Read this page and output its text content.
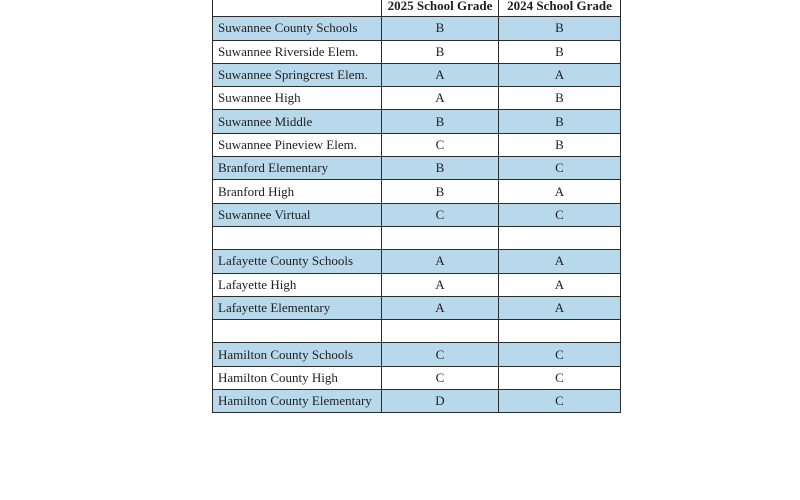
	2025 School Grade	2024 School Grade
Suwannee County Schools	B	B
Suwannee Riverside Elem.	B	B
Suwannee Springcrest Elem.	A	A
Suwannee High	A	B
Suwannee Middle	B	B
Suwannee Pineview Elem.	C	B
Branford Elementary	B	C
Branford High	B	A
Suwannee Virtual	C	C

Lafayette County Schools	A	A
Lafayette High	A	A
Lafayette Elementary	A	A

Hamilton County Schools	C	C
Hamilton County High	C	C
Hamilton County Elementary	D	C
